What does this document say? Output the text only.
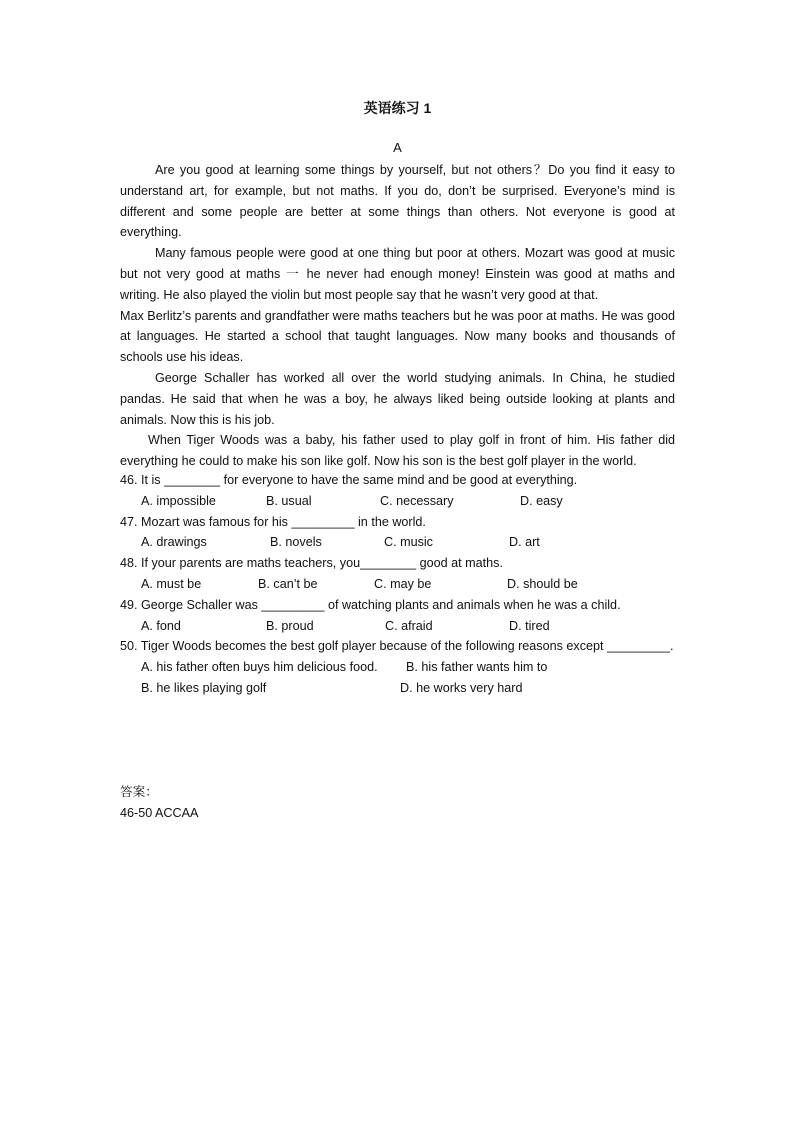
英语练习 1
A

Are you good at learning some things by yourself, but not others？Do you find it easy to understand art, for example, but not maths. If you do, don’t be surprised. Everyone’s mind is different and some people are better at some things than others. Not everyone is good at everything.

Many famous people were good at one thing but poor at others. Mozart was good at music but not very good at maths 一 he never had enough money! Einstein was good at maths and writing. He also played the violin but most people say that he wasn’t very good at that.

Max Berlitz’s parents and grandfather were maths teachers but he was poor at maths. He was good at languages. He started a school that taught languages. Now many books and thousands of schools use his ideas.

George Schaller has worked all over the world studying animals. In China, he studied pandas. He said that when he was a boy, he always liked being outside looking at plants and animals. Now this is his job.

When Tiger Woods was a baby, his father used to play golf in front of him. His father did everything he could to make his son like golf. Now his son is the best golf player in the world.

46. It is ________ for everyone to have the same mind and be good at everything.

A. impossible	B. usual	C. necessary	D. easy

47. Mozart was famous for his _________ in the world.

A. drawings	B. novels	C. music	D. art

48. If your parents are maths teachers, you________ good at maths.

A. must be	B. can’t be	C. may be	D. should be

49. George Schaller was _________ of watching plants and animals when he was a child.

A. fond	B. proud	C. afraid	D. tired

50. Tiger Woods becomes the best golf player because of the following reasons except _________.

A. his father often buys him delicious food. B. his father wants him to
B. he likes playing golf	D. he works very hard
答案：
46-50 ACCAA
